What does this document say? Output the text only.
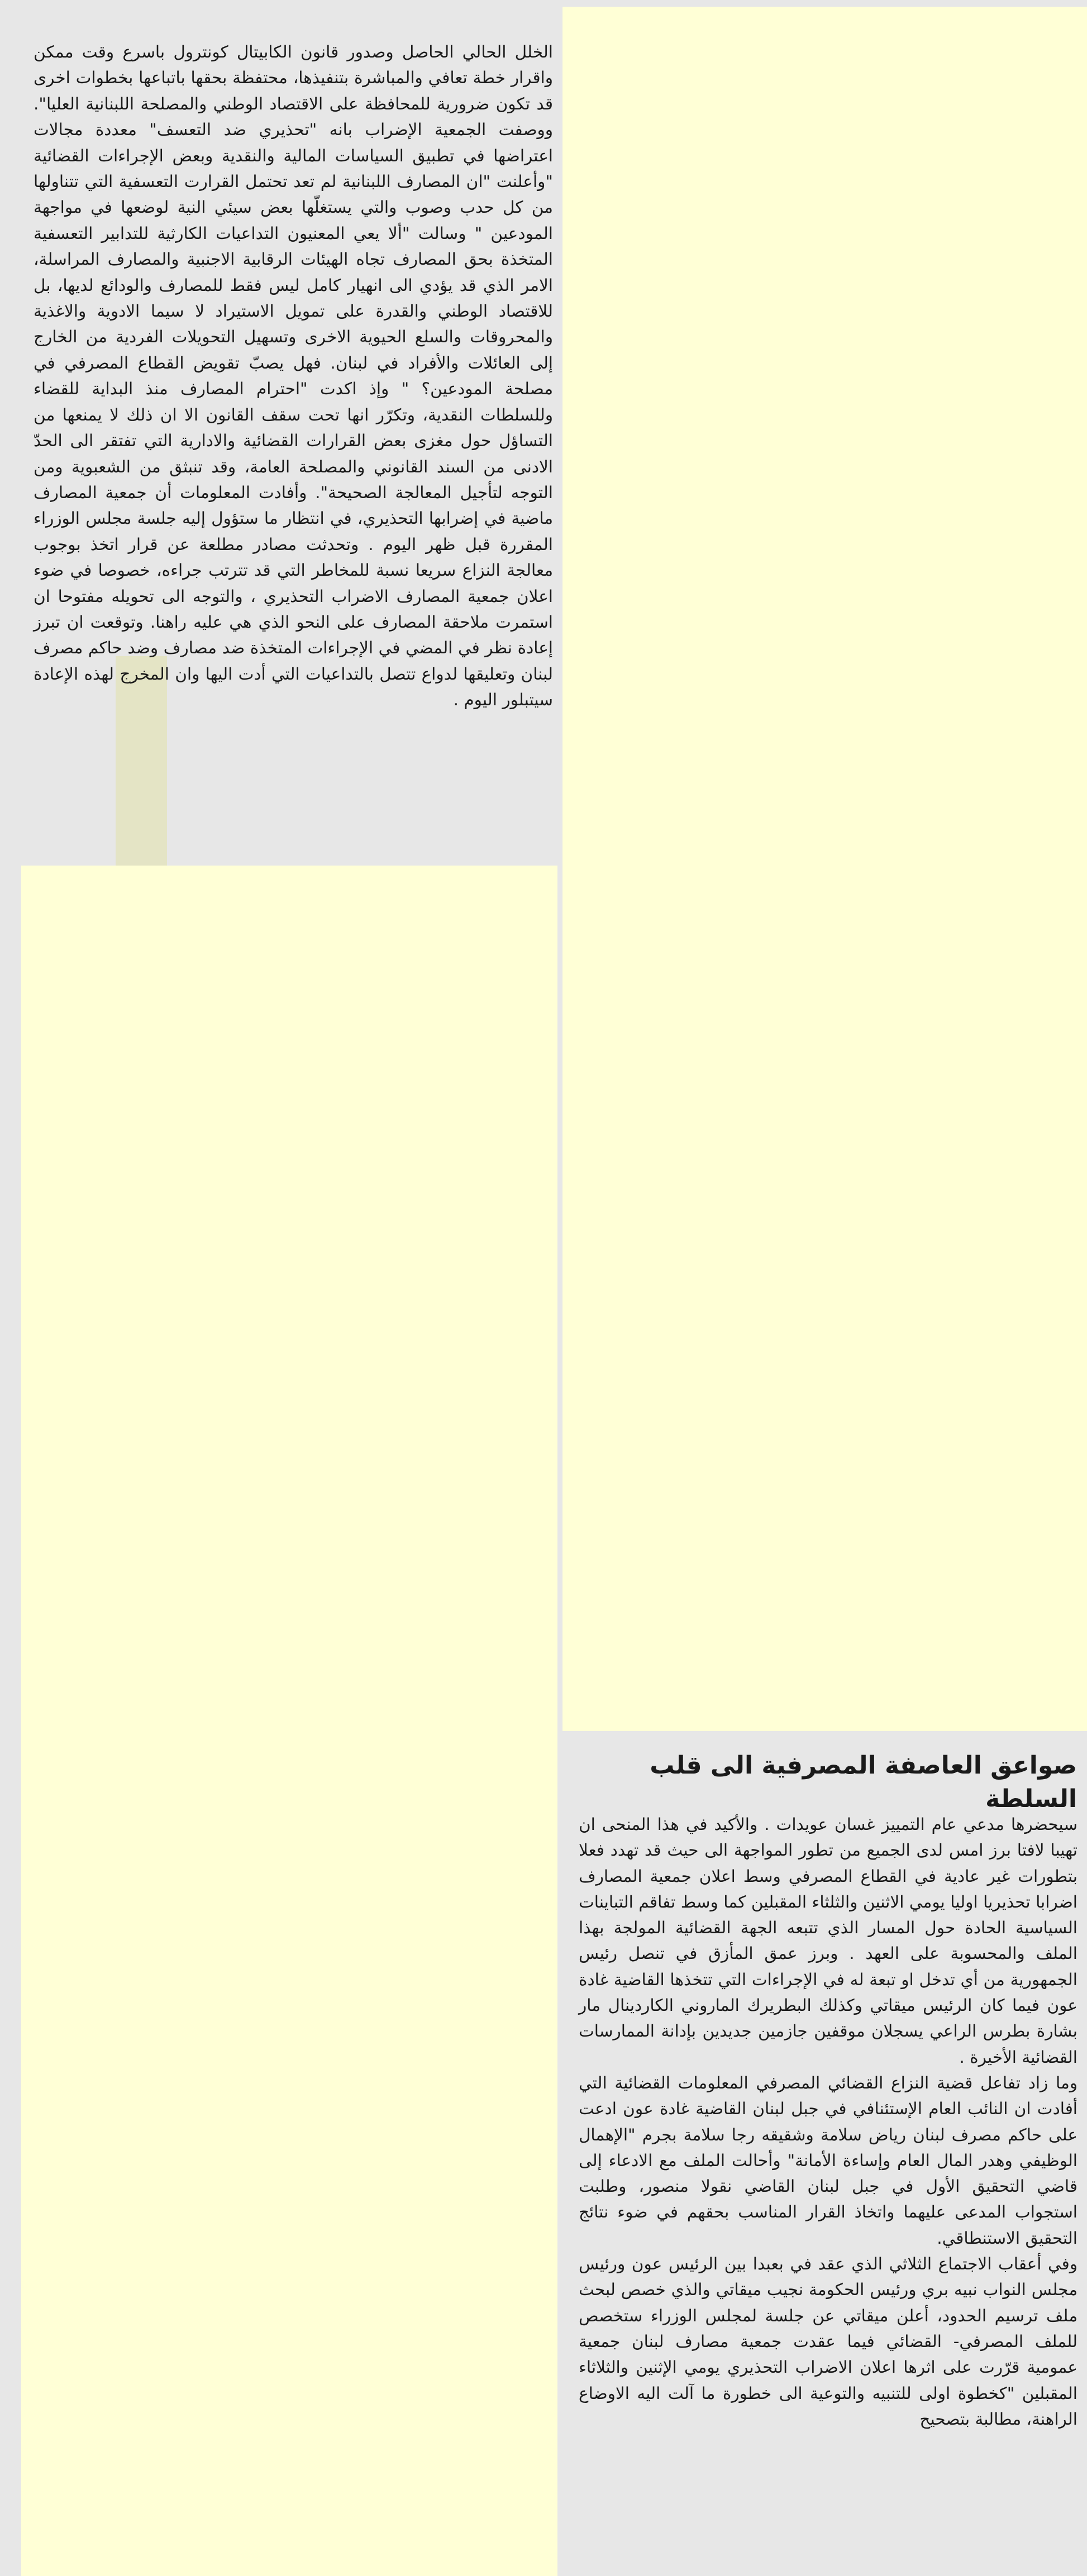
الخلل الحالي الحاصل وصدور قانون الكابيتال كونترول باسرع وقت ممكن واقرار خطة تعافي والمباشرة بتنفيذها، محتفظة بحقها باتباعها بخطوات اخرى قد تكون ضرورية للمحافظة على الاقتصاد الوطني والمصلحة اللبنانية العليا". ووصفت الجمعية الإضراب بانه "تحذيري ضد التعسف" معددة مجالات اعتراضها في تطبيق السياسات المالية والنقدية وبعض الإجراءات القضائية "وأعلنت "ان المصارف اللبنانية لم تعد تحتمل القرارت التعسفية التي تتناولها من كل حدب وصوب والتي يستغلّها بعض سيئي النية لوضعها في مواجهة المودعين " وسالت "ألا يعي المعنيون التداعيات الكارثية للتدابير التعسفية المتخذة بحق المصارف تجاه الهيئات الرقابية الاجنبية والمصارف المراسلة، الامر الذي قد يؤدي الى انهيار كامل ليس فقط للمصارف والودائع لديها، بل للاقتصاد الوطني والقدرة على تمويل الاستيراد لا سيما الادوية والاغذية والمحروقات والسلع الحيوية الاخرى وتسهيل التحويلات الفردية من الخارج إلى العائلات والأفراد في لبنان. فهل يصبّ تقويض القطاع المصرفي في مصلحة المودعين؟ " وإذ اكدت "احترام المصارف منذ البداية للقضاء وللسلطات النقدية، وتكرّر انها تحت سقف القانون الا ان ذلك لا يمنعها من التساؤل حول مغزى بعض القرارات القضائية والادارية التي تفتقر الى الحدّ الادنى من السند القانوني والمصلحة العامة، وقد تنبثق من الشعبوية ومن التوجه لتأجيل المعالجة الصحيحة". وأفادت المعلومات أن جمعية المصارف ماضية في إضرابها التحذيري، في انتظار ما ستؤول إليه جلسة مجلس الوزراء المقررة قبل ظهر اليوم . وتحدثت مصادر مطلعة عن قرار اتخذ بوجوب معالجة النزاع سريعا نسبة للمخاطر التي قد تترتب جراءه، خصوصا في ضوء اعلان جمعية المصارف الاضراب التحذيري ، والتوجه الى تحويله مفتوحا ان استمرت ملاحقة المصارف على النحو الذي هي عليه راهنا. وتوقعت ان تبرز إعادة نظر في المضي في الإجراءات المتخذة ضد مصارف وضد حاكم مصرف لبنان وتعليقها لدواع تتصل بالتداعيات التي أدت اليها وان المخرج لهذه الإعادة سيتبلور اليوم .

صواعق العاصفة المصرفية الى قلب السلطة

سيحضرها مدعي عام التمييز غسان عويدات . والأكيد في هذا المنحى ان تهيبا لافتا برز امس لدى الجميع من تطور المواجهة الى حيث قد تهدد فعلا بتطورات غير عادية في القطاع المصرفي وسط اعلان جمعية المصارف اضرابا تحذيريا اوليا يومي الاثنين والثلثاء المقبلين كما وسط تفاقم التباينات السياسية الحادة حول المسار الذي تتبعه الجهة القضائية المولجة بهذا الملف والمحسوبة على العهد . وبرز عمق المأزق في تنصل رئيس الجمهورية من أي تدخل او تبعة له في الإجراءات التي تتخذها القاضية غادة عون فيما كان الرئيس ميقاتي وكذلك البطريرك الماروني الكاردينال مار بشارة بطرس الراعي يسجلان موقفين جازمين جديدين بإدانة الممارسات القضائية الأخيرة .

وما زاد تفاعل قضية النزاع القضائي المصرفي المعلومات القضائية التي أفادت ان النائب العام الإستئنافي في جبل لبنان القاضية غادة عون ادعت على حاكم مصرف لبنان رياض سلامة وشقيقه رجا سلامة بجرم "الإهمال الوظيفي وهدر المال العام وإساءة الأمانة" وأحالت الملف مع الادعاء إلى قاضي التحقيق الأول في جبل لبنان القاضي نقولا منصور، وطلبت استجواب المدعى عليهما واتخاذ القرار المناسب بحقهم في ضوء نتائج التحقيق الاستنطاقي.

وفي أعقاب الاجتماع الثلاثي الذي عقد في بعبدا بين الرئيس عون ورئيس مجلس النواب نبيه بري ورئيس الحكومة نجيب ميقاتي والذي خصص لبحث ملف ترسيم الحدود، أعلن ميقاتي عن جلسة لمجلس الوزراء ستخصص للملف المصرفي- القضائي فيما عقدت جمعية مصارف لبنان جمعية عمومية قرّرت على اثرها اعلان الاضراب التحذيري يومي الإثنين والثلاثاء المقبلين "كخطوة اولى للتنبيه والتوعية الى خطورة ما آلت اليه الاوضاع الراهنة، مطالبة بتصحيح
